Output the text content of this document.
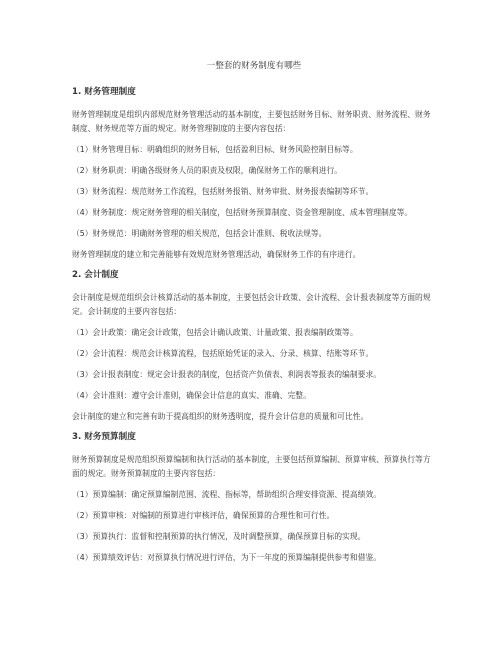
一整套的财务制度有哪些
1. 财务管理制度
财务管理制度是组织内部规范财务管理活动的基本制度，主要包括财务目标、财务职责、财务流程、财务制度、财务规范等方面的规定。财务管理制度的主要内容包括：
（1）财务管理目标：明确组织的财务目标，包括盈利目标、财务风险控制目标等。
（2）财务职责：明确各级财务人员的职责及权限，确保财务工作的顺利进行。
（3）财务流程：规范财务工作流程，包括财务报销、财务审批、财务报表编制等环节。
（4）财务制度：规定财务管理的相关制度，包括财务预算制度、资金管理制度、成本管理制度等。
（5）财务规范：明确财务管理的相关规范，包括会计准则、税收法规等。
财务管理制度的建立和完善能够有效规范财务管理活动，确保财务工作的有序进行。
2. 会计制度
会计制度是规范组织会计核算活动的基本制度，主要包括会计政策、会计流程、会计报表制度等方面的规定。会计制度的主要内容包括：
（1）会计政策：确定会计政策，包括会计确认政策、计量政策、报表编制政策等。
（2）会计流程：规范会计核算流程，包括原始凭证的录入、分录、核算、结账等环节。
（3）会计报表制度：规定会计报表的制度，包括资产负债表、利润表等报表的编制要求。
（4）会计准则：遵守会计准则，确保会计信息的真实、准确、完整。
会计制度的建立和完善有助于提高组织的财务透明度，提升会计信息的质量和可比性。
3. 财务预算制度
财务预算制度是规范组织预算编制和执行活动的基本制度，主要包括预算编制、预算审核、预算执行等方面的规定。财务预算制度的主要内容包括：
（1）预算编制：确定预算编制范围、流程、指标等，帮助组织合理安排资源、提高绩效。
（2）预算审核：对编制的预算进行审核评估，确保预算的合理性和可行性。
（3）预算执行：监督和控制预算的执行情况，及时调整预算，确保预算目标的实现。
（4）预算绩效评估：对预算执行情况进行评估，为下一年度的预算编制提供参考和借鉴。
